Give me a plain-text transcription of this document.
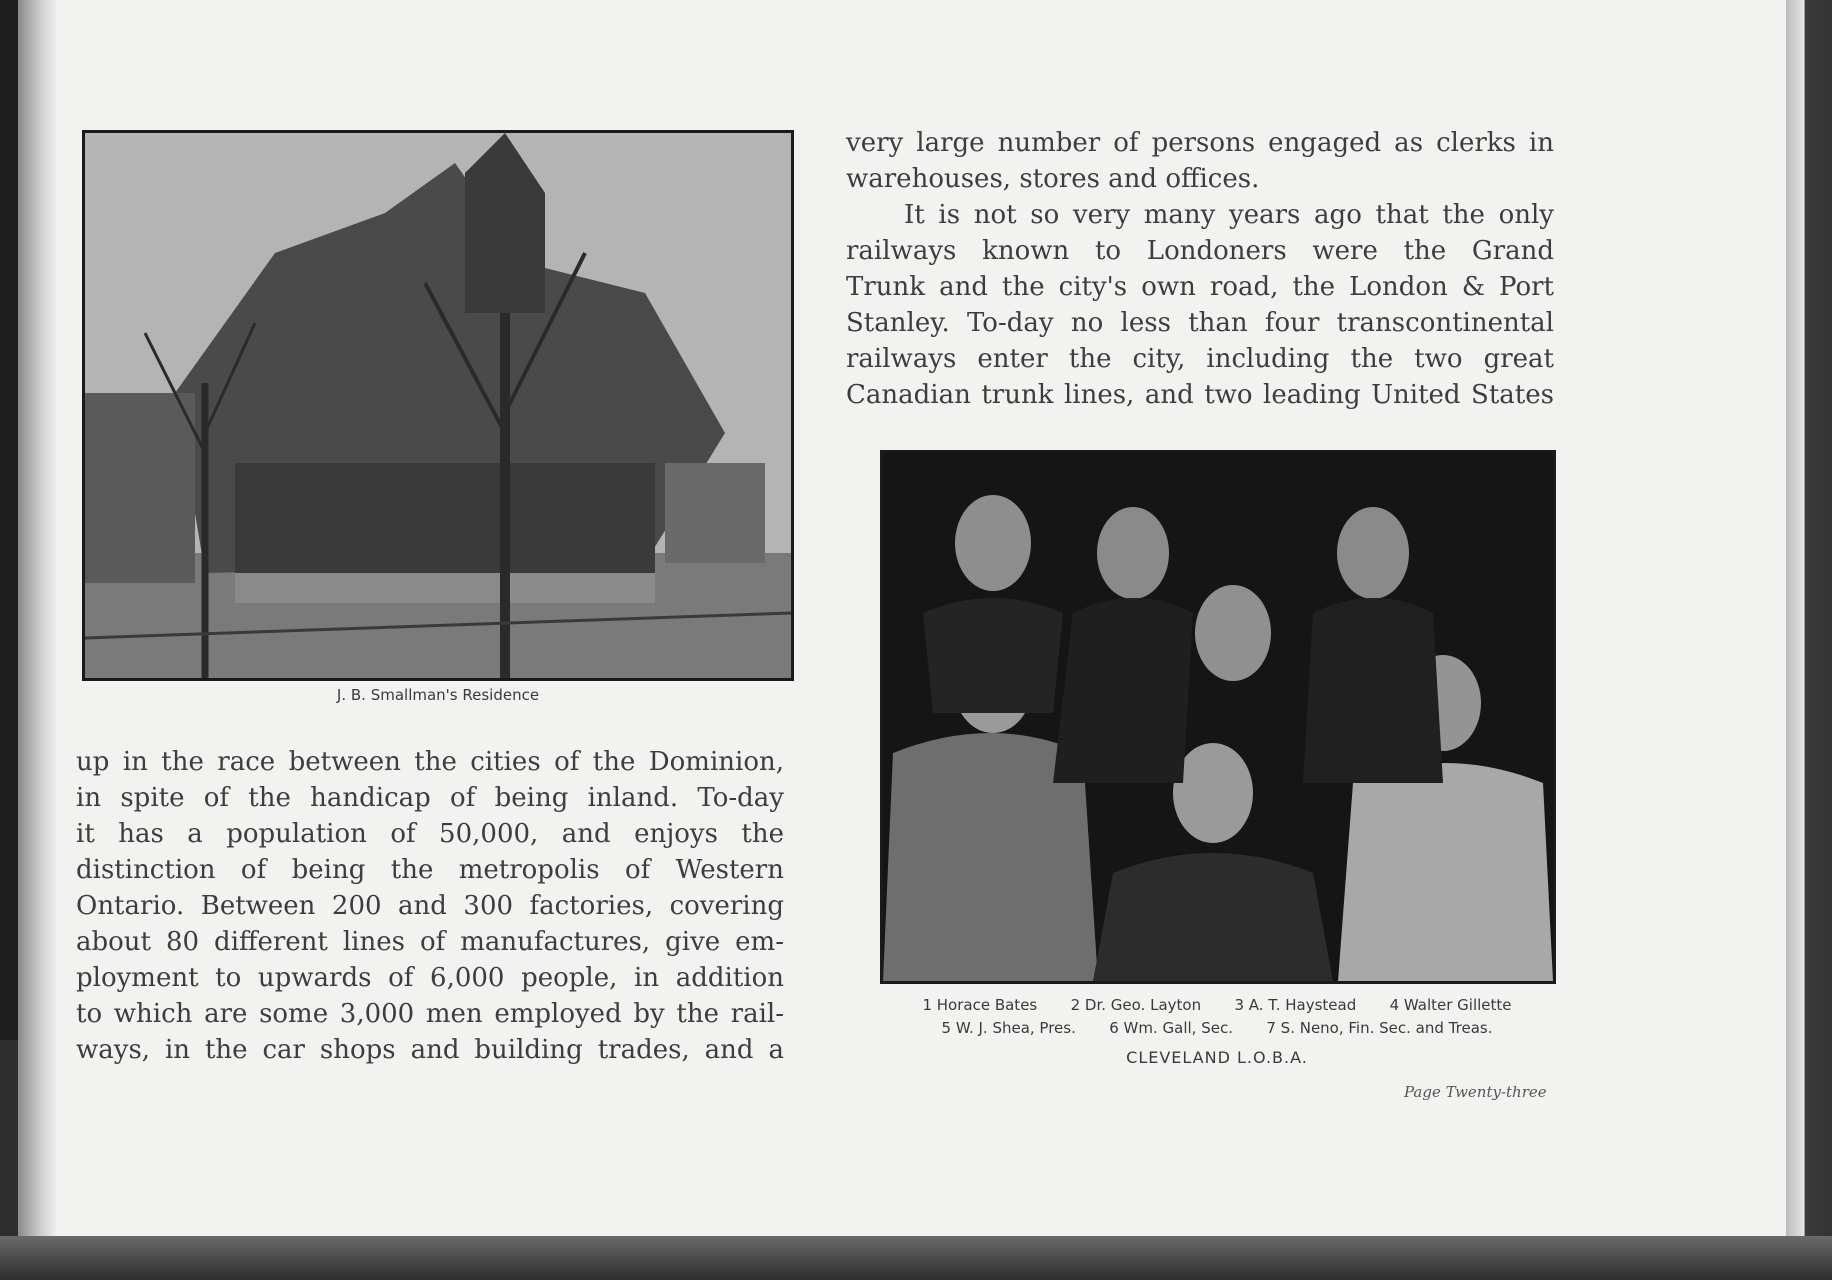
J. B. Smallman's Residence
up in the race between the cities of the Dominion,
in spite of the handicap of being inland. To-day
it has a population of 50,000, and enjoys the
distinction of being the metropolis of Western
Ontario. Between 200 and 300 factories, covering
about 80 different lines of manufactures, give em-
ployment to upwards of 6,000 people, in addition
to which are some 3,000 men employed by the rail-
ways, in the car shops and building trades, and a
very large number of persons engaged as clerks in
warehouses, stores and offices.
It is not so very many years ago that the only
railways known to Londoners were the Grand
Trunk and the city's own road, the London & Port
Stanley. To-day no less than four transcontinental
railways enter the city, including the two great
Canadian trunk lines, and two leading United States
1 Horace Bates       2 Dr. Geo. Layton       3 A. T. Haystead       4 Walter Gillette
5 W. J. Shea, Pres.       6 Wm. Gall, Sec.       7 S. Neno, Fin. Sec. and Treas.
CLEVELAND L.O.B.A.
Page Twenty-three
